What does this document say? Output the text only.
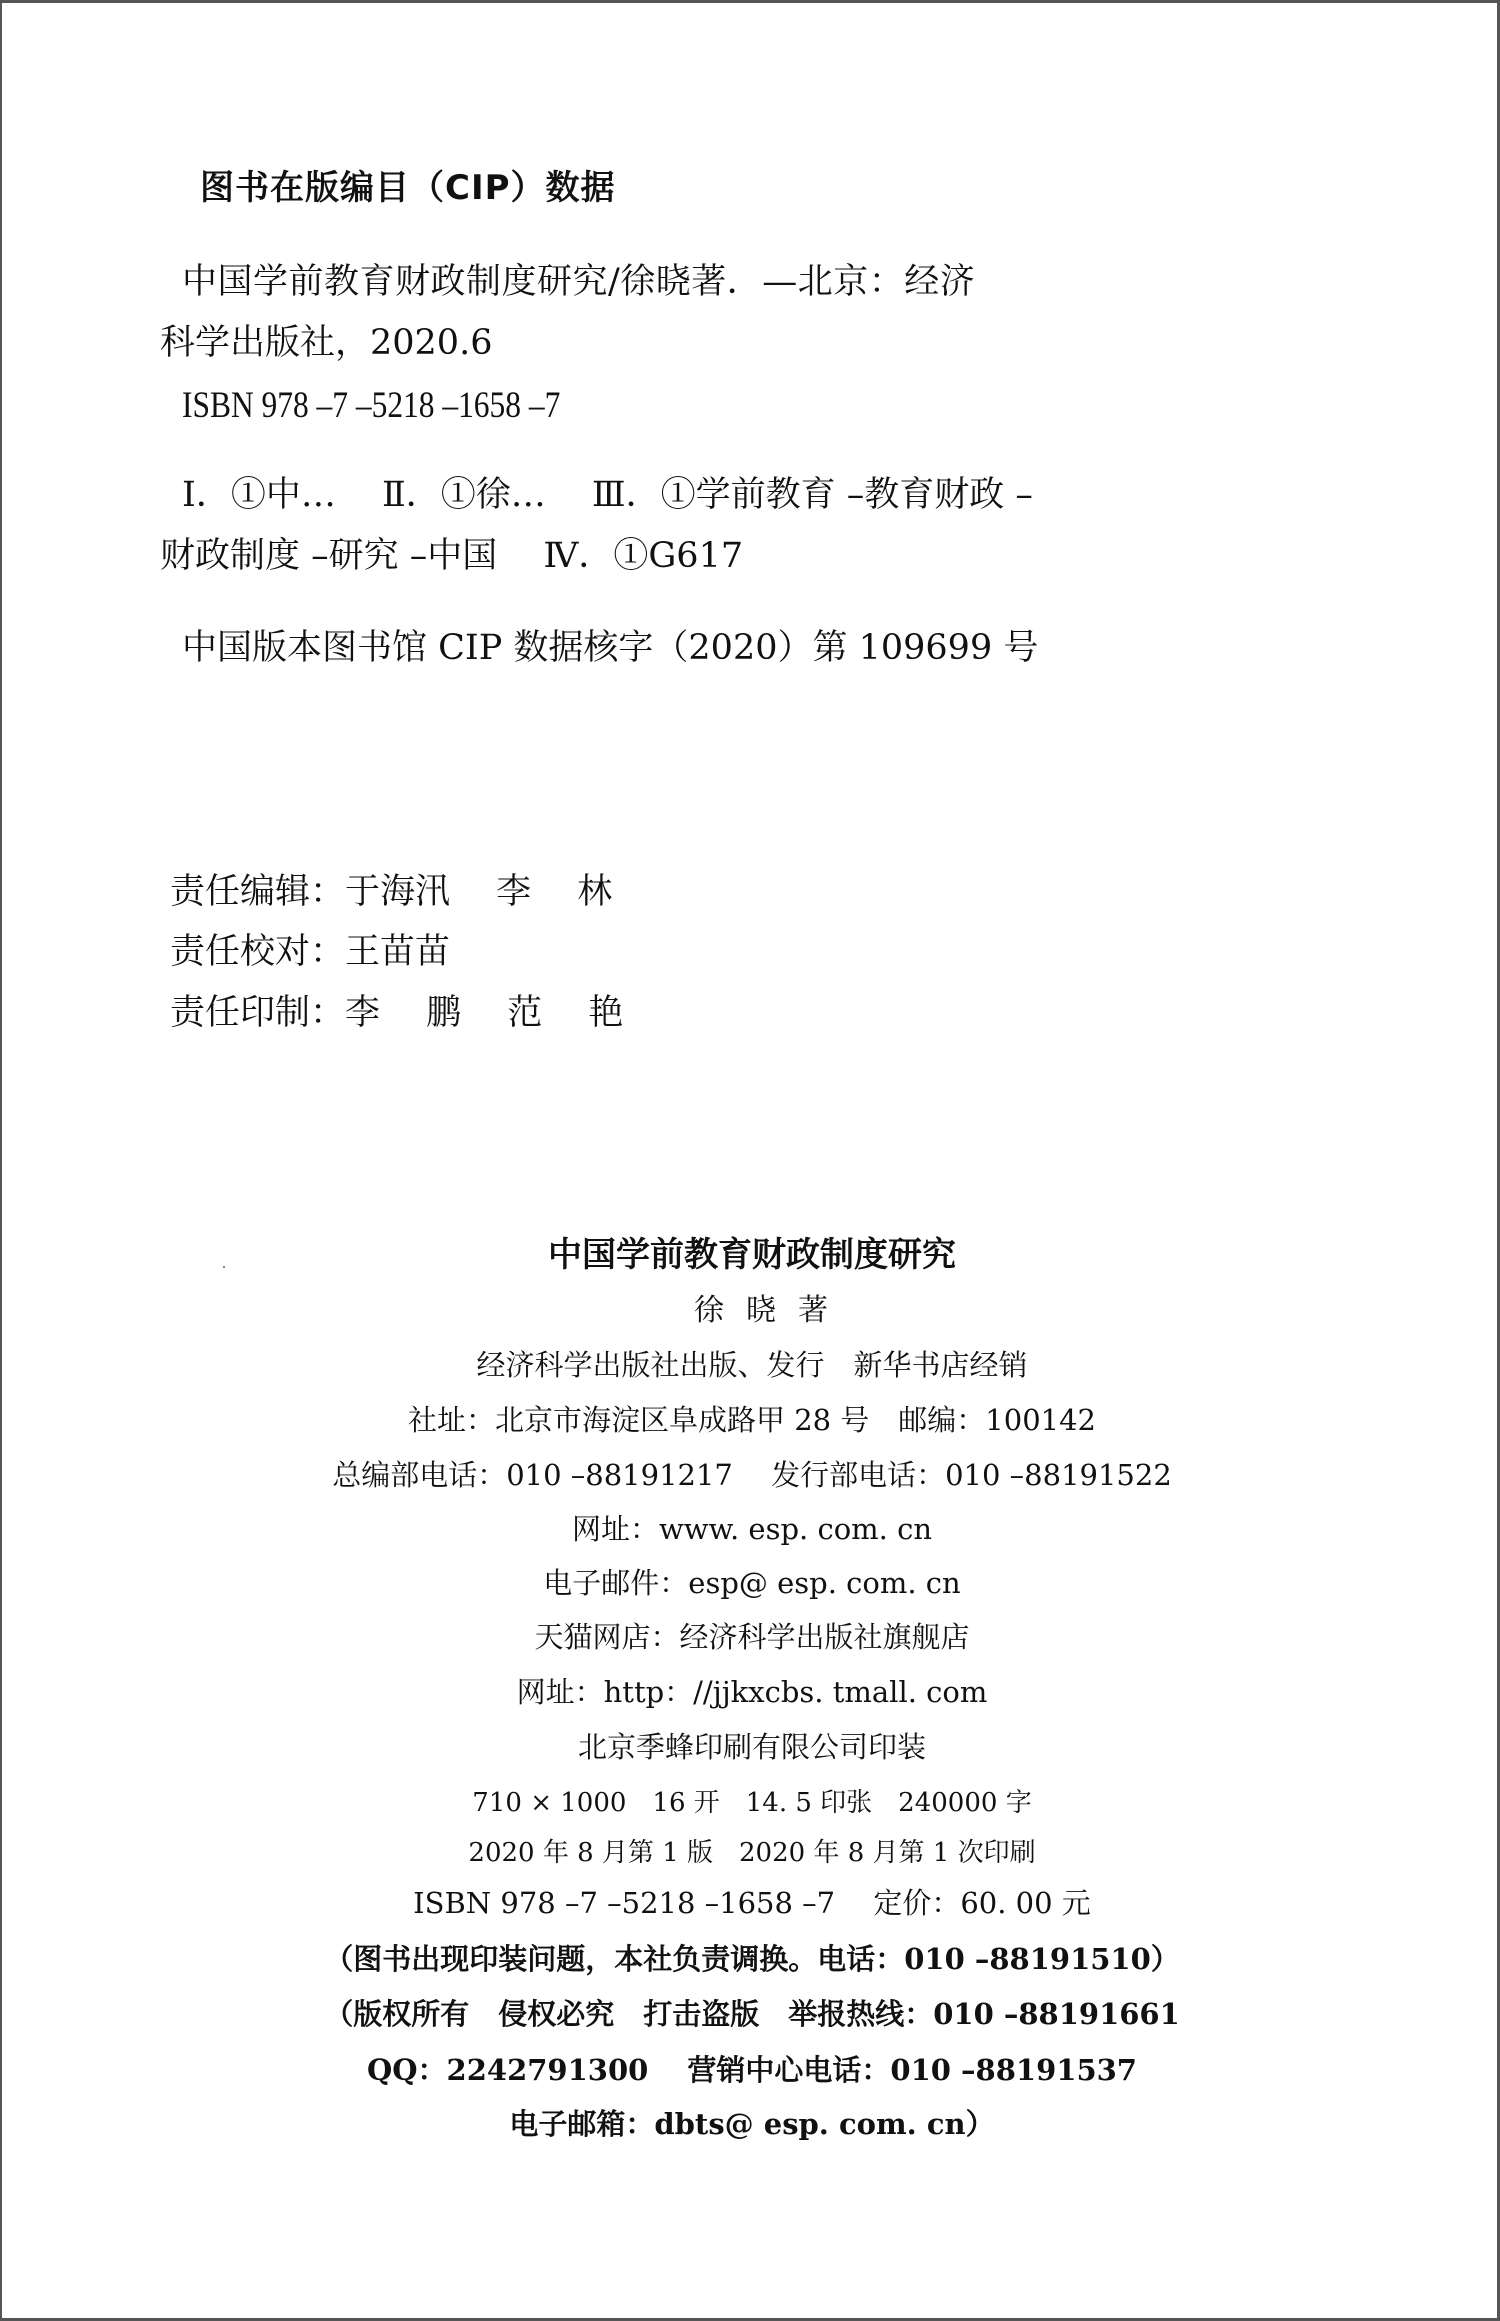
图书在版编目（CIP）数据
中国学前教育财政制度研究/徐晓著．—北京：经济
科学出版社，2020.6
ISBN 978 –7 –5218 –1658 –7
Ⅰ．①中…　 Ⅱ．①徐…　 Ⅲ．①学前教育 –教育财政 –
财政制度 –研究 –中国　 Ⅳ．①G617
中国版本图书馆 CIP 数据核字（2020）第 109699 号
责任编辑：于海汛　 李　 林
责任校对：王苗苗
责任印制：李　 鹏　 范　 艳
中国学前教育财政制度研究
徐晓著
经济科学出版社出版、发行　新华书店经销
社址：北京市海淀区阜成路甲 28 号　邮编：100142
总编部电话：010 –88191217　 发行部电话：010 –88191522
网址：www. esp. com. cn
电子邮件：esp@ esp. com. cn
天猫网店：经济科学出版社旗舰店
网址：http：//jjkxcbs. tmall. com
北京季蜂印刷有限公司印装
710 × 1000　16 开　14. 5 印张　240000 字
2020 年 8 月第 1 版　2020 年 8 月第 1 次印刷
ISBN 978 –7 –5218 –1658 –7　 定价：60. 00 元
（图书出现印装问题，本社负责调换。电话：010 –88191510）
（版权所有　侵权必究　打击盗版　举报热线：010 –88191661
QQ：2242791300　 营销中心电话：010 –88191537
电子邮箱：dbts@ esp. com. cn）
